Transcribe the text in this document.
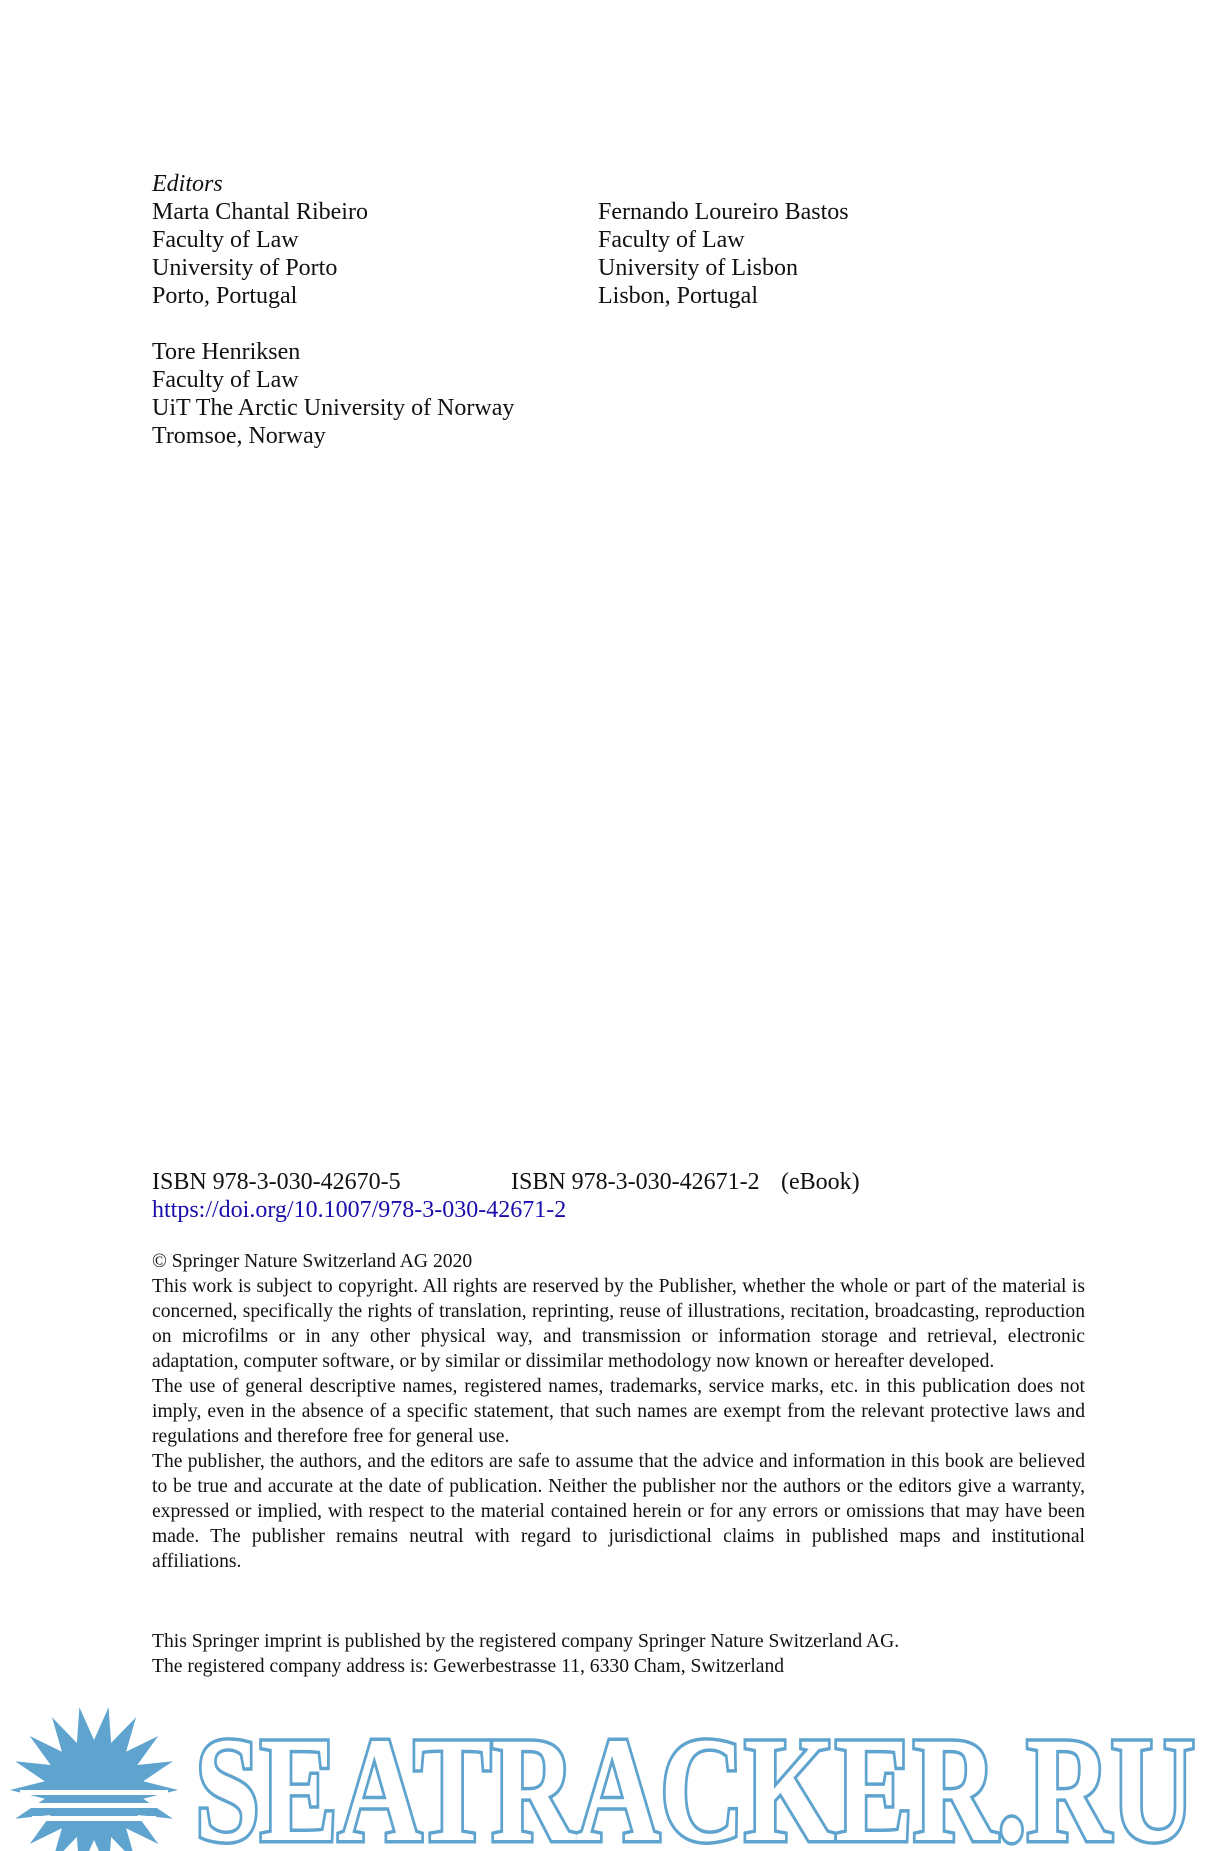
Editors

Marta Chantal Ribeiro

Faculty of Law

University of Porto

Porto, Portugal

Fernando Loureiro Bastos

Faculty of Law

University of Lisbon

Lisbon, Portugal

Tore Henriksen

Faculty of Law

UiT The Arctic University of Norway

Tromsoe, Norway

ISBN 978-3-030-42670-5	ISBN 978-3-030-42671-2 (eBook)
https://doi.org/10.1007/978-3-030-42671-2

© Springer Nature Switzerland AG 2020

This work is subject to copyright. All rights are reserved by the Publisher, whether the whole or part of the material is concerned, specifically the rights of translation, reprinting, reuse of illustrations, recitation, broadcasting, reproduction on microfilms or in any other physical way, and transmission or information storage and retrieval, electronic adaptation, computer software, or by similar or dissimilar methodology now known or hereafter developed.

The use of general descriptive names, registered names, trademarks, service marks, etc. in this publication does not imply, even in the absence of a specific statement, that such names are exempt from the relevant protective laws and regulations and therefore free for general use.

The publisher, the authors, and the editors are safe to assume that the advice and information in this book are believed to be true and accurate at the date of publication. Neither the publisher nor the authors or the editors give a warranty, expressed or implied, with respect to the material contained herein or for any errors or omissions that may have been made. The publisher remains neutral with regard to jurisdictional claims in published maps and institutional affiliations.

This Springer imprint is published by the registered company Springer Nature Switzerland AG.

The registered company address is: Gewerbestrasse 11, 6330 Cham, Switzerland

SEATRACKER.RU
